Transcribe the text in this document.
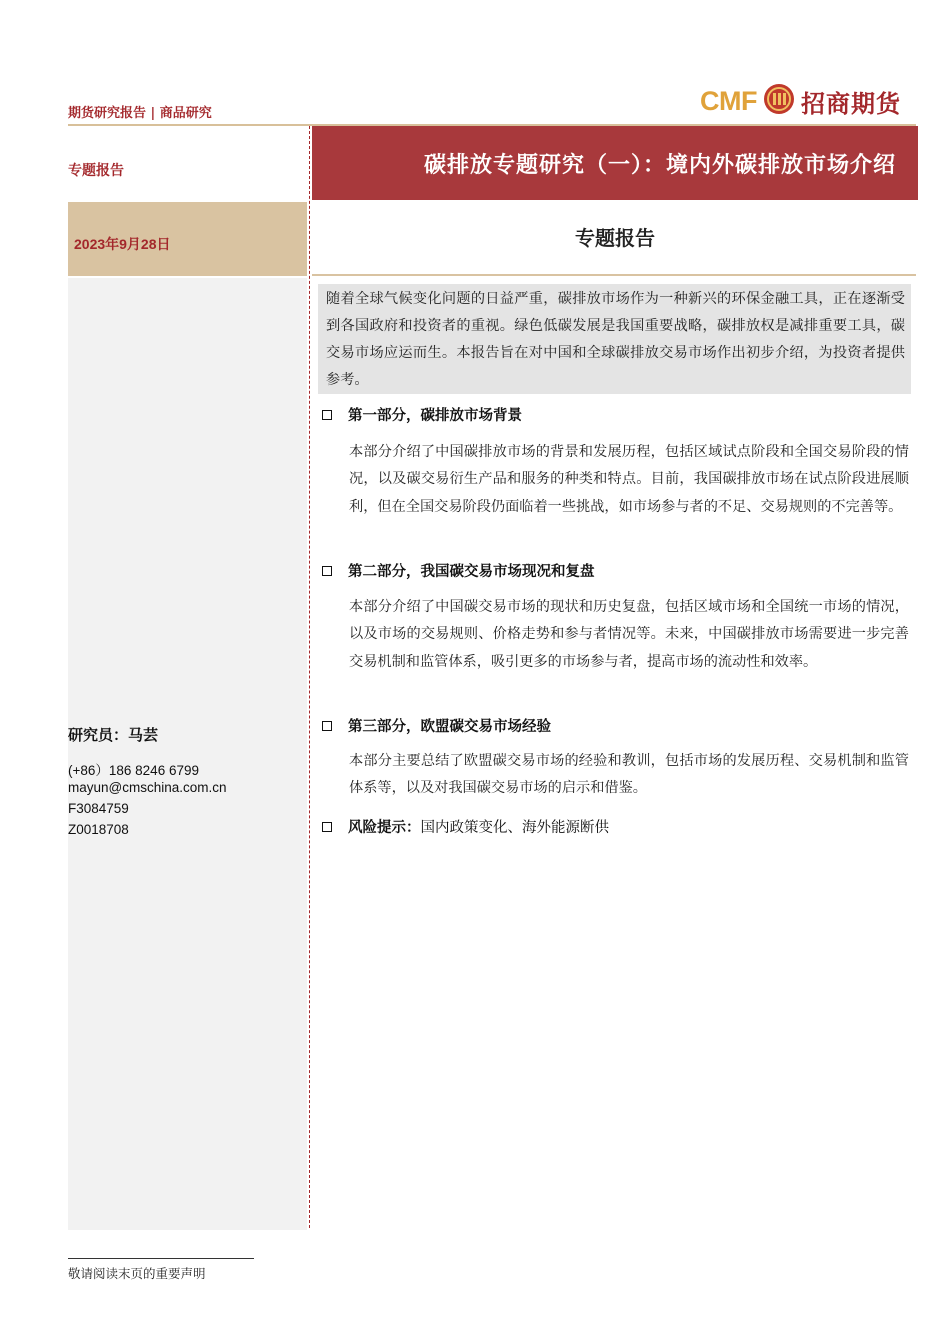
期货研究报告 | 商品研究	CMF 招商期货
专题报告
2023年9月28日
研究员：马芸
(+86）186 8246 6799
mayun@cmschina.com.cn
F3084759
Z0018708
碳排放专题研究（一）：境内外碳排放市场介绍
专题报告
随着全球气候变化问题的日益严重，碳排放市场作为一种新兴的环保金融工具，正在逐渐受到各国政府和投资者的重视。绿色低碳发展是我国重要战略，碳排放权是减排重要工具，碳交易市场应运而生。本报告旨在对中国和全球碳排放交易市场作出初步介绍，为投资者提供参考。
第一部分，碳排放市场背景
本部分介绍了中国碳排放市场的背景和发展历程，包括区域试点阶段和全国交易阶段的情况，以及碳交易衍生产品和服务的种类和特点。目前，我国碳排放市场在试点阶段进展顺利，但在全国交易阶段仍面临着一些挑战，如市场参与者的不足、交易规则的不完善等。
第二部分，我国碳交易市场现况和复盘
本部分介绍了中国碳交易市场的现状和历史复盘，包括区域市场和全国统一市场的情况，以及市场的交易规则、价格走势和参与者情况等。未来，中国碳排放市场需要进一步完善交易机制和监管体系，吸引更多的市场参与者，提高市场的流动性和效率。
第三部分，欧盟碳交易市场经验
本部分主要总结了欧盟碳交易市场的经验和教训，包括市场的发展历程、交易机制和监管体系等，以及对我国碳交易市场的启示和借鉴。
风险提示： 国内政策变化、海外能源断供
敬请阅读末页的重要声明
